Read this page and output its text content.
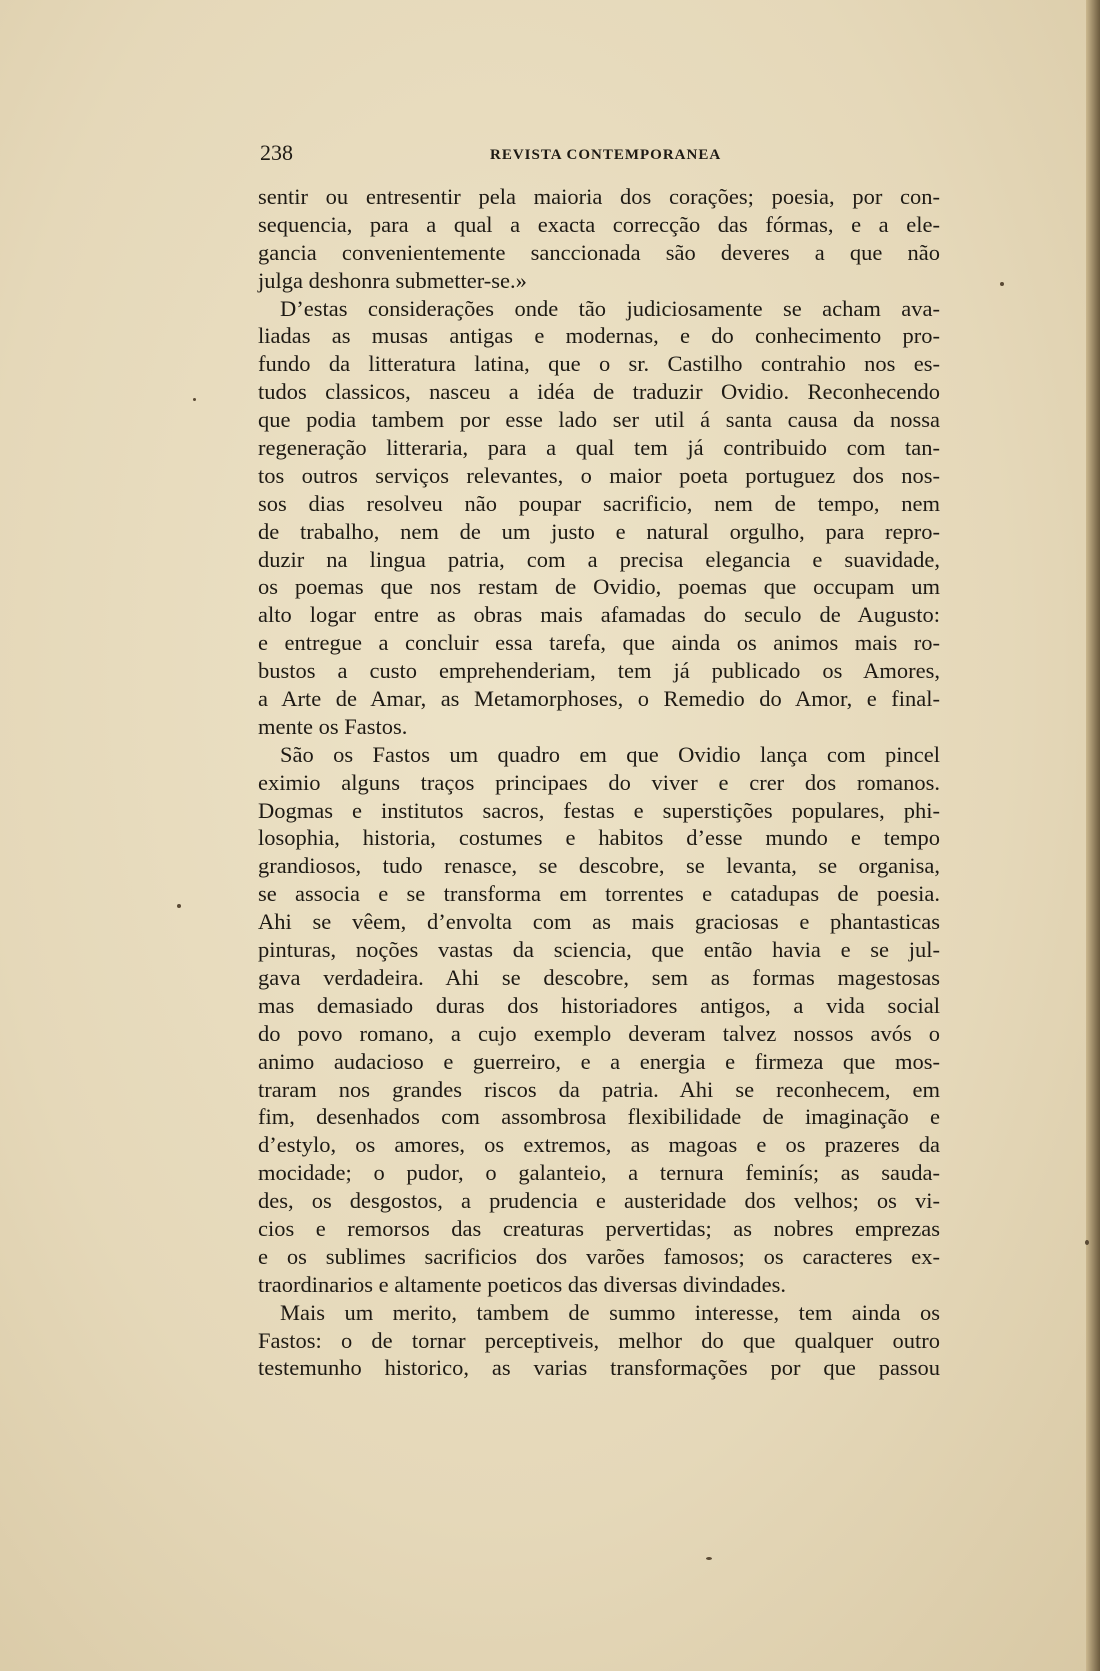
238	REVISTA CONTEMPORANEA
sentir ou entresentir pela maioria dos corações; poesia, por con-
sequencia, para a qual a exacta correcção das fórmas, e a ele-
gancia convenientemente sanccionada são deveres a que não
julga deshonra submetter-se.»
D’estas considerações onde tão judiciosamente se acham ava-
liadas as musas antigas e modernas, e do conhecimento pro-
fundo da litteratura latina, que o sr. Castilho contrahio nos es-
tudos classicos, nasceu a idéa de traduzir Ovidio. Reconhecendo
que podia tambem por esse lado ser util á santa causa da nossa
regeneração litteraria, para a qual tem já contribuido com tan-
tos outros serviços relevantes, o maior poeta portuguez dos nos-
sos dias resolveu não poupar sacrificio, nem de tempo, nem
de trabalho, nem de um justo e natural orgulho, para repro-
duzir na lingua patria, com a precisa elegancia e suavidade,
os poemas que nos restam de Ovidio, poemas que occupam um
alto logar entre as obras mais afamadas do seculo de Augusto:
e entregue a concluir essa tarefa, que ainda os animos mais ro-
bustos a custo emprehenderiam, tem já publicado os Amores,
a Arte de Amar, as Metamorphoses, o Remedio do Amor, e final-
mente os Fastos.
São os Fastos um quadro em que Ovidio lança com pincel
eximio alguns traços principaes do viver e crer dos romanos.
Dogmas e institutos sacros, festas e superstições populares, phi-
losophia, historia, costumes e habitos d’esse mundo e tempo
grandiosos, tudo renasce, se descobre, se levanta, se organisa,
se associa e se transforma em torrentes e catadupas de poesia.
Ahi se vêem, d’envolta com as mais graciosas e phantasticas
pinturas, noções vastas da sciencia, que então havia e se jul-
gava verdadeira. Ahi se descobre, sem as formas magestosas
mas demasiado duras dos historiadores antigos, a vida social
do povo romano, a cujo exemplo deveram talvez nossos avós o
animo audacioso e guerreiro, e a energia e firmeza que mos-
traram nos grandes riscos da patria. Ahi se reconhecem, em
fim, desenhados com assombrosa flexibilidade de imaginação e
d’estylo, os amores, os extremos, as magoas e os prazeres da
mocidade; o pudor, o galanteio, a ternura feminís; as sauda-
des, os desgostos, a prudencia e austeridade dos velhos; os vi-
cios e remorsos das creaturas pervertidas; as nobres emprezas
e os sublimes sacrificios dos varões famosos; os caracteres ex-
traordinarios e altamente poeticos das diversas divindades.
Mais um merito, tambem de summo interesse, tem ainda os
Fastos: o de tornar perceptiveis, melhor do que qualquer outro
testemunho historico, as varias transformações por que passou
